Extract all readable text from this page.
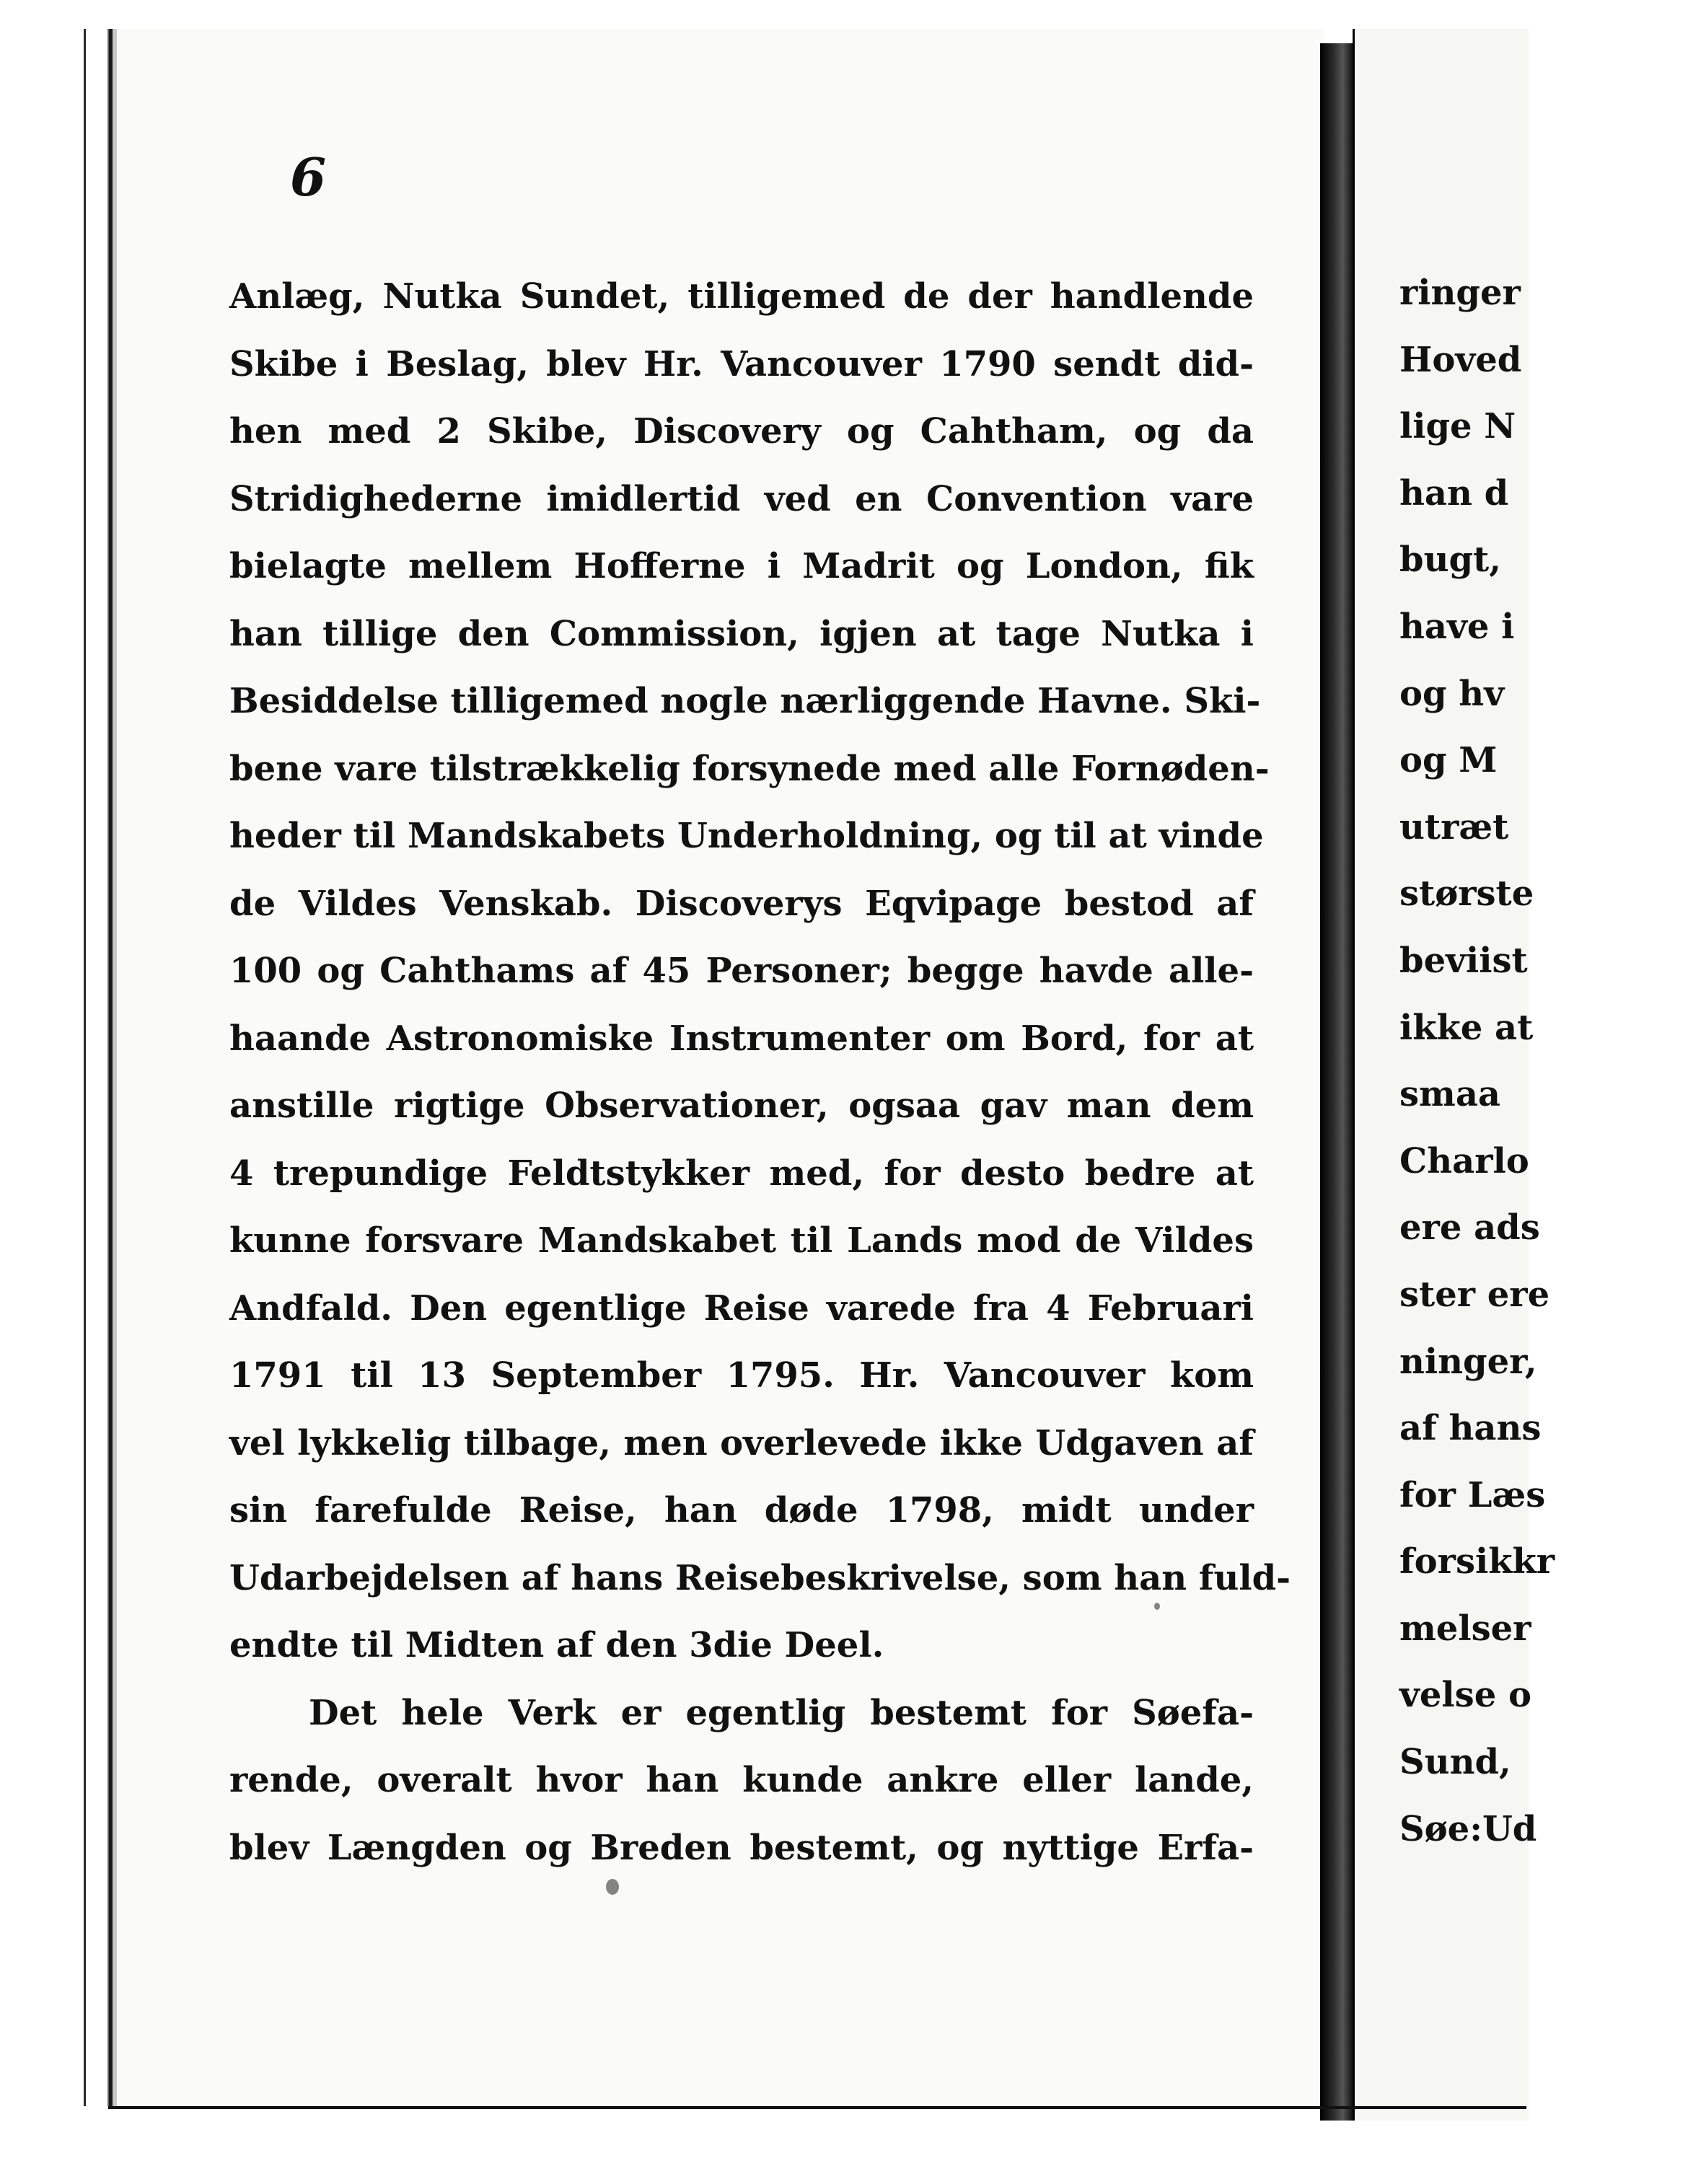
6
Anlæg, Nutka Sundet, tilligemed de der handlende
Skibe i Beslag, blev Hr. Vancouver 1790 sendt did-
hen med 2 Skibe, Discovery og Cahtham, og da
Stridighederne imidlertid ved en Convention vare
bielagte mellem Hofferne i Madrit og London, fik
han tillige den Commission, igjen at tage Nutka i
Besiddelse tilligemed nogle nærliggende Havne. Ski-
bene vare tilstrækkelig forsynede med alle Fornøden-
heder til Mandskabets Underholdning, og til at vinde
de Vildes Venskab. Discoverys Eqvipage bestod af
100 og Cahthams af 45 Personer; begge havde alle-
haande Astronomiske Instrumenter om Bord, for at
anstille rigtige Observationer, ogsaa gav man dem
4 trepundige Feldtstykker med, for desto bedre at
kunne forsvare Mandskabet til Lands mod de Vildes
Andfald. Den egentlige Reise varede fra 4 Februari
1791 til 13 September 1795. Hr. Vancouver kom
vel lykkelig tilbage, men overlevede ikke Udgaven af
sin farefulde Reise, han døde 1798, midt under
Udarbejdelsen af hans Reisebeskrivelse, som han fuld-
endte til Midten af den 3die Deel.
Det hele Verk er egentlig bestemt for Søefa-
rende, overalt hvor han kunde ankre eller lande,
blev Længden og Breden bestemt, og nyttige Erfa-
ringer
Hoved
lige N
han d
bugt,
have i
og hv
og M
utræt
største
beviist
ikke at
smaa
Charlo
ere ads
ster ere
ninger,
af hans
for Læs
forsikkr
melser
velse o
Sund,
Søe:Ud
